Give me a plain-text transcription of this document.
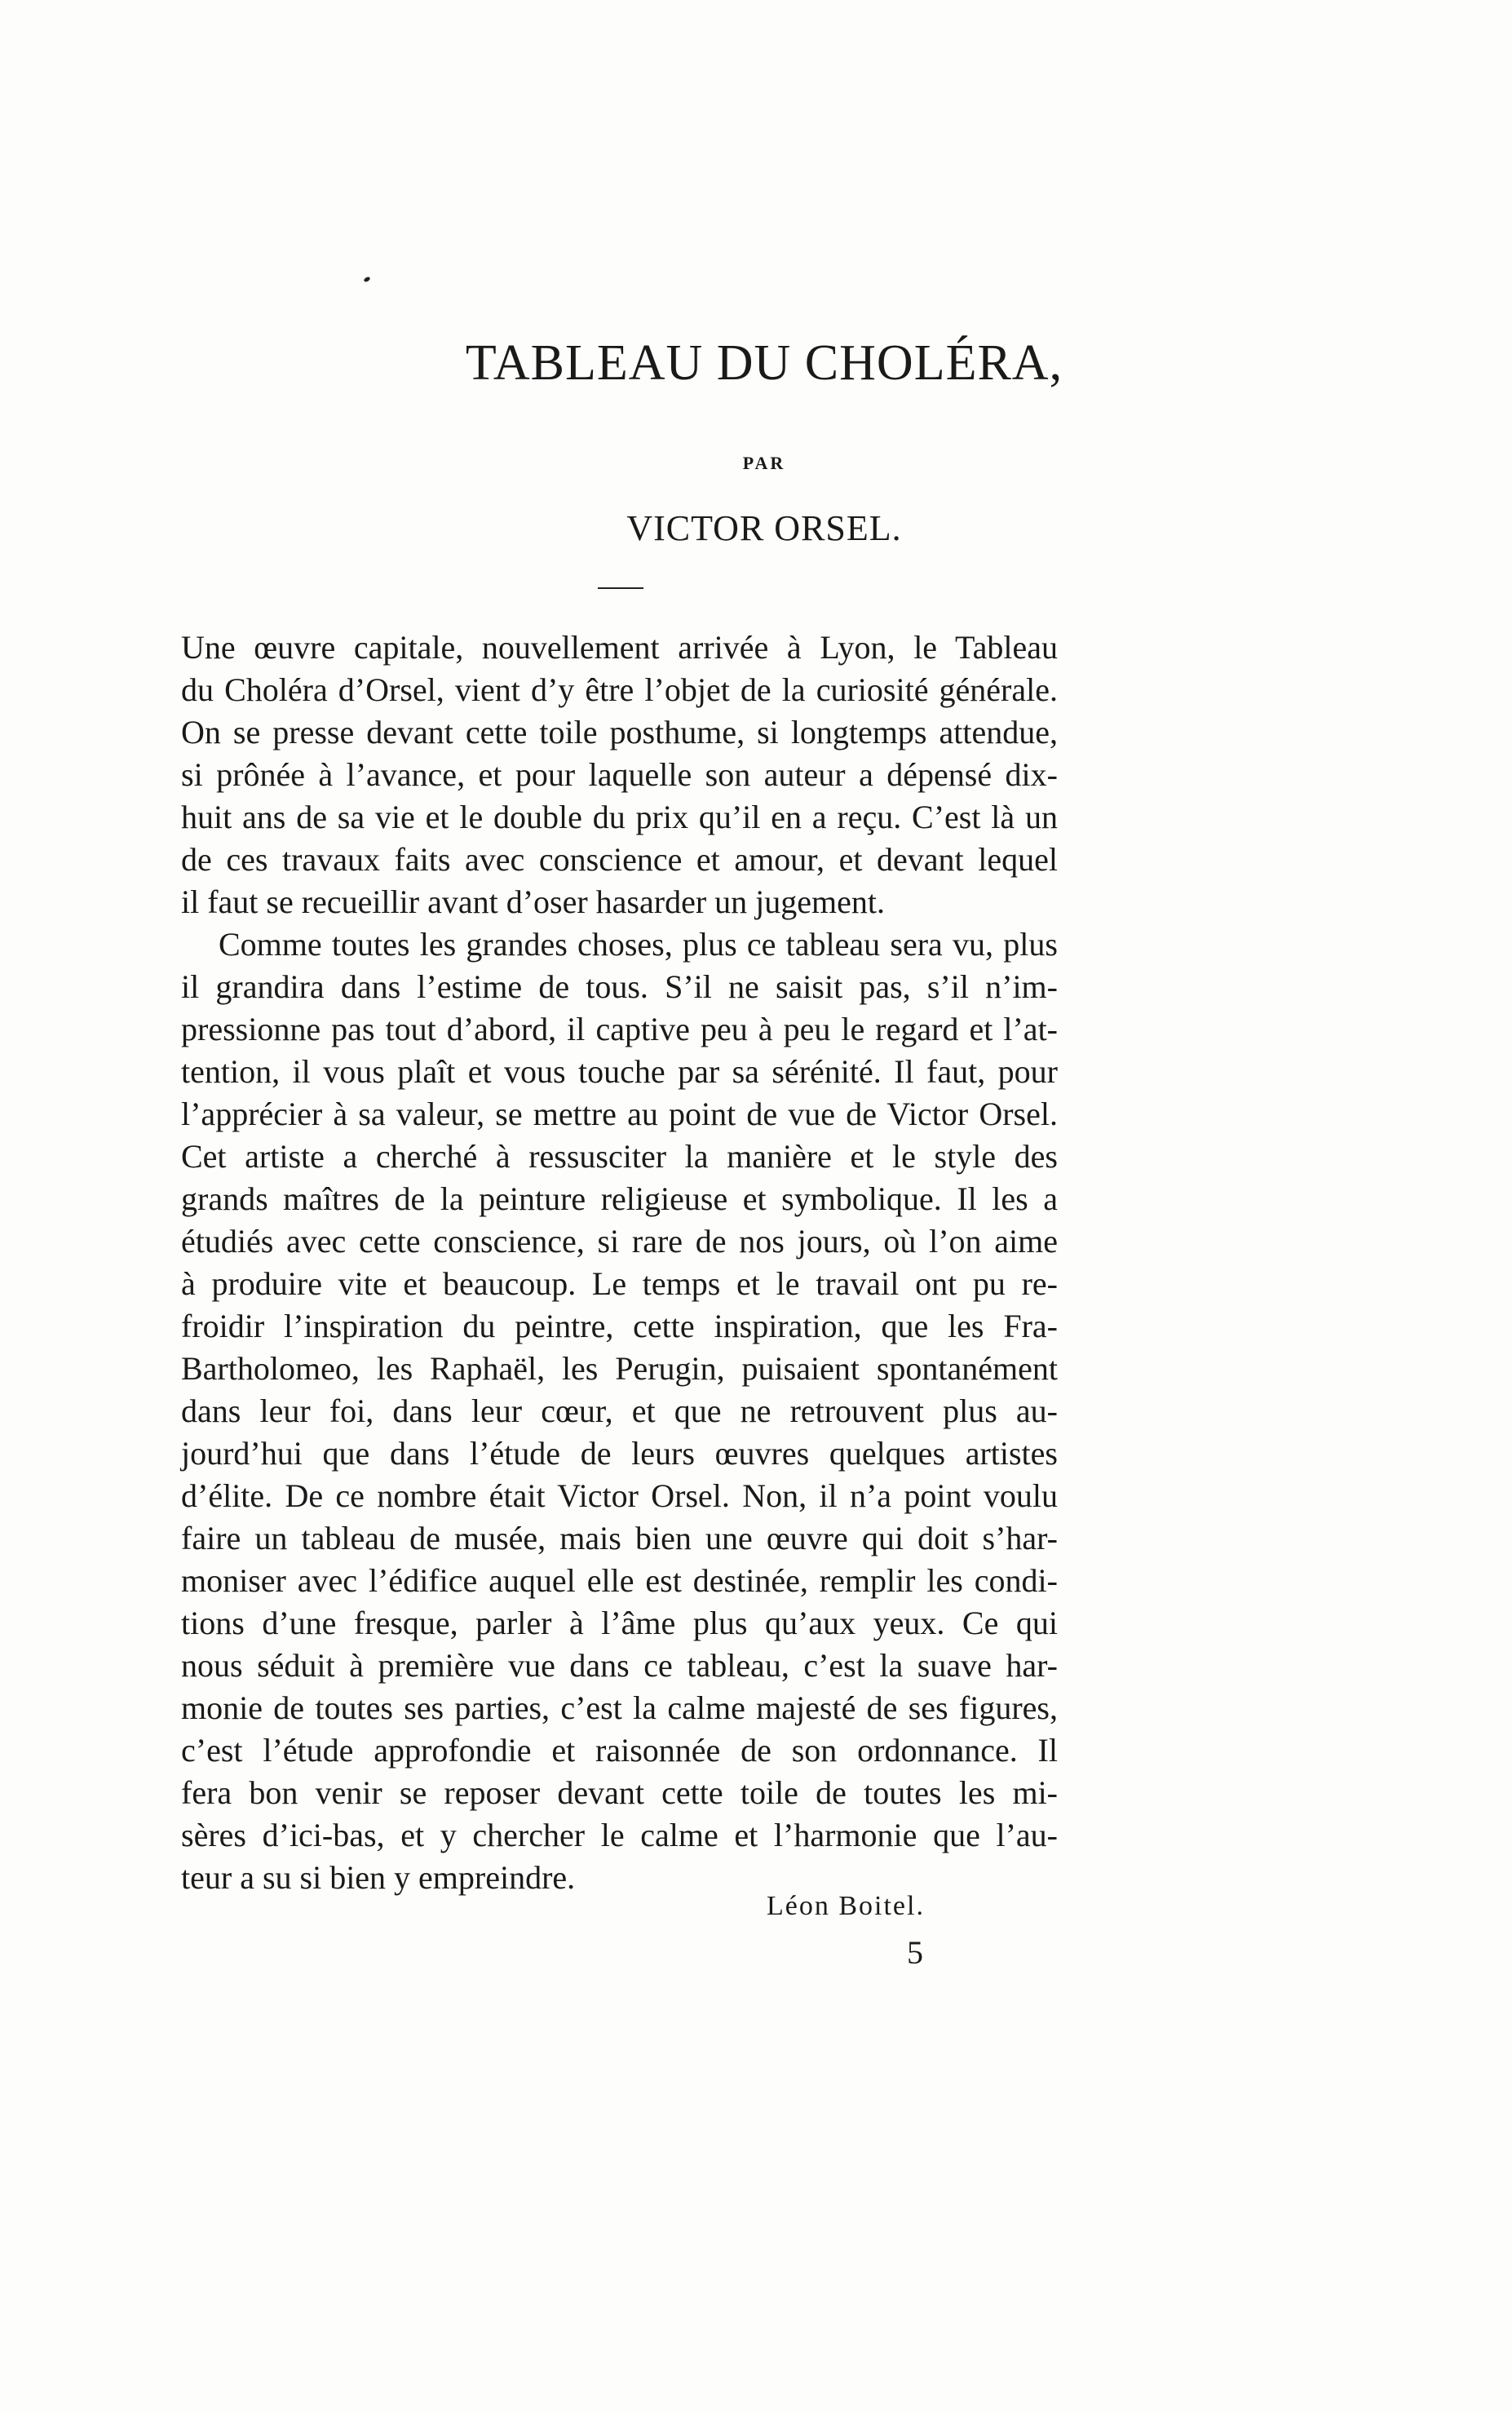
TABLEAU DU CHOLÉRA,
PAR
VICTOR ORSEL.
Une œuvre capitale, nouvellement arrivée à Lyon, le Tableau
du Choléra d’Orsel, vient d’y être l’objet de la curiosité générale.
On se presse devant cette toile posthume, si longtemps attendue,
si prônée à l’avance, et pour laquelle son auteur a dépensé dix-
huit ans de sa vie et le double du prix qu’il en a reçu. C’est là un
de ces travaux faits avec conscience et amour, et devant lequel
il faut se recueillir avant d’oser hasarder un jugement.
Comme toutes les grandes choses, plus ce tableau sera vu, plus
il grandira dans l’estime de tous. S’il ne saisit pas, s’il n’im-
pressionne pas tout d’abord, il captive peu à peu le regard et l’at-
tention, il vous plaît et vous touche par sa sérénité. Il faut, pour
l’apprécier à sa valeur, se mettre au point de vue de Victor Orsel.
Cet artiste a cherché à ressusciter la manière et le style des
grands maîtres de la peinture religieuse et symbolique. Il les a
étudiés avec cette conscience, si rare de nos jours, où l’on aime
à produire vite et beaucoup. Le temps et le travail ont pu re-
froidir l’inspiration du peintre, cette inspiration, que les Fra-
Bartholomeo, les Raphaël, les Perugin, puisaient spontanément
dans leur foi, dans leur cœur, et que ne retrouvent plus au-
jourd’hui que dans l’étude de leurs œuvres quelques artistes
d’élite. De ce nombre était Victor Orsel. Non, il n’a point voulu
faire un tableau de musée, mais bien une œuvre qui doit s’har-
moniser avec l’édifice auquel elle est destinée, remplir les condi-
tions d’une fresque, parler à l’âme plus qu’aux yeux. Ce qui
nous séduit à première vue dans ce tableau, c’est la suave har-
monie de toutes ses parties, c’est la calme majesté de ses figures,
c’est l’étude approfondie et raisonnée de son ordonnance. Il
fera bon venir se reposer devant cette toile de toutes les mi-
sères d’ici-bas, et y chercher le calme et l’harmonie que l’au-
teur a su si bien y empreindre.
Léon Boitel.
5
